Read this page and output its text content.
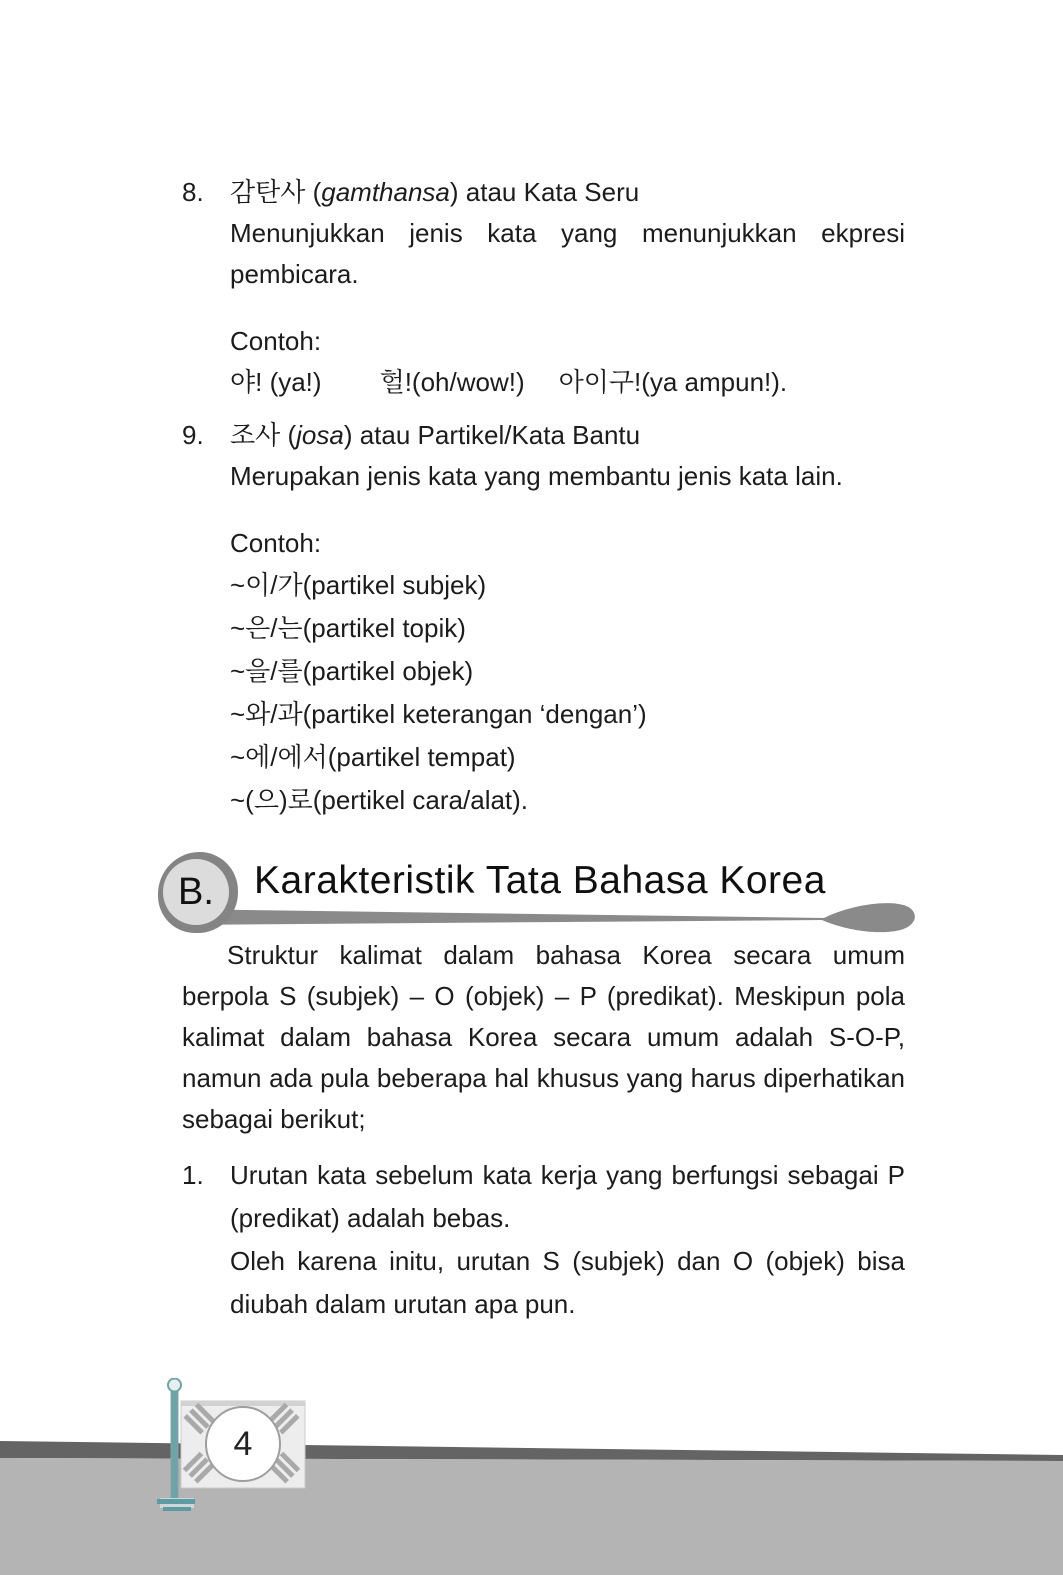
8.	감탄사 (gamthansa) atau Kata Seru
Menunjukkan jenis kata yang menunjukkan ekpresi
pembicara.
Contoh:
야! (ya!) 헐!(oh/wow!) 아이구!(ya ampun!).
9.	조사 (josa) atau Partikel/Kata Bantu
Merupakan jenis kata yang membantu jenis kata lain.
Contoh:
~이/가(partikel subjek)
~은/는(partikel topik)
~을/를(partikel objek)
~와/과(partikel keterangan ‘dengan’)
~에/에서(partikel tempat)
~(으)로(pertikel cara/alat).
B.	Karakteristik Tata Bahasa Korea
Struktur kalimat dalam bahasa Korea secara umum
berpola S (subjek) – O (objek) – P (predikat). Meskipun pola
kalimat dalam bahasa Korea secara umum adalah S-O-P,
namun ada pula beberapa hal khusus yang harus diperhatikan
sebagai berikut;
1.	Urutan kata sebelum kata kerja yang berfungsi sebagai P
(predikat) adalah bebas.
Oleh karena initu, urutan S (subjek) dan O (objek) bisa
diubah dalam urutan apa pun.
4
